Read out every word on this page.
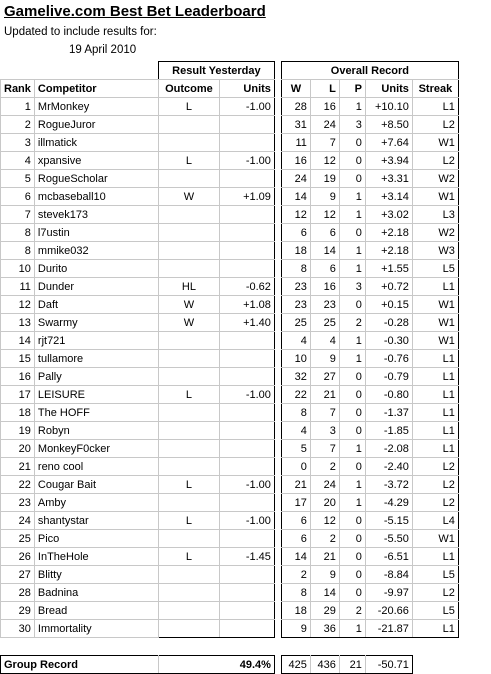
Gamelive.com Best Bet Leaderboard
Updated to include results for:
19 April 2010
		Result Yesterday			Overall Record				
Rank	Competitor	Outcome	Units		W	L	P	Units	Streak
1	MrMonkey	L	-1.00		28	16	1	+10.10	L1
2	RogueJuror				31	24	3	+8.50	L2
3	illmatick				11	7	0	+7.64	W1
4	xpansive	L	-1.00		16	12	0	+3.94	L2
5	RogueScholar				24	19	0	+3.31	W2
6	mcbaseball10	W	+1.09		14	9	1	+3.14	W1
7	stevek173				12	12	1	+3.02	L3
8	l7ustin				6	6	0	+2.18	W2
8	mmike032				18	14	1	+2.18	W3
10	Durito				8	6	1	+1.55	L5
11	Dunder	HL	-0.62		23	16	3	+0.72	L1
12	Daft	W	+1.08		23	23	0	+0.15	W1
13	Swarmy	W	+1.40		25	25	2	-0.28	W1
14	rjt721				4	4	1	-0.30	W1
15	tullamore				10	9	1	-0.76	L1
16	Pally				32	27	0	-0.79	L1
17	LEISURE	L	-1.00		22	21	0	-0.80	L1
18	The HOFF				8	7	0	-1.37	L1
19	Robyn				4	3	0	-1.85	L1
20	MonkeyF0cker				5	7	1	-2.08	L1
21	reno cool				0	2	0	-2.40	L2
22	Cougar Bait	L	-1.00		21	24	1	-3.72	L2
23	Amby				17	20	1	-4.29	L2
24	shantystar	L	-1.00		6	12	0	-5.15	L4
25	Pico				6	2	0	-5.50	W1
26	InTheHole	L	-1.45		14	21	0	-6.51	L1
27	Blitty				2	9	0	-8.84	L5
28	Badnina				8	14	0	-9.97	L2
29	Bread				18	29	2	-20.66	L5
30	Immortality				9	36	1	-21.87	L1

Group Record		49.4%			425	436	21	-50.71	
